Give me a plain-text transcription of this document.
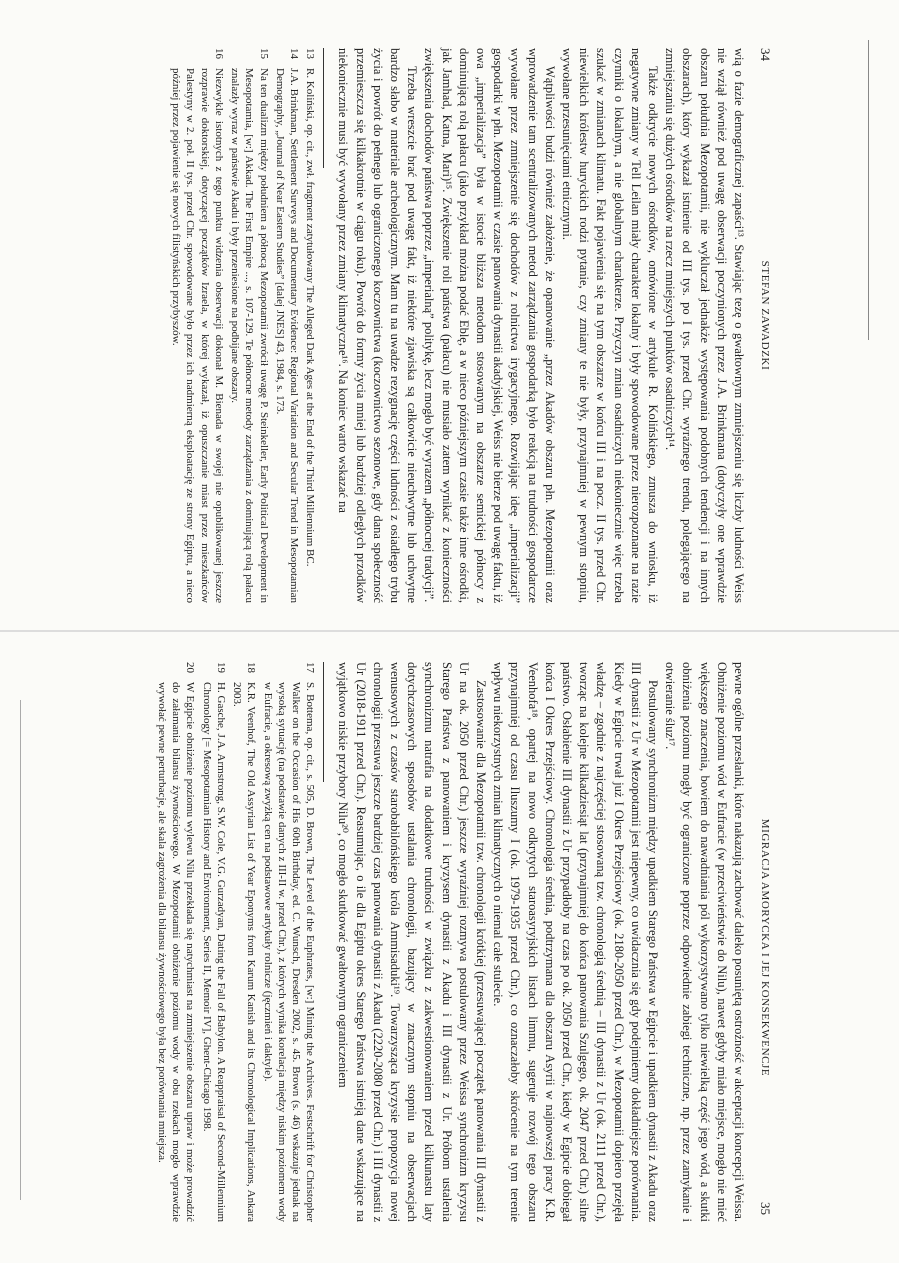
34
STEFAN ZAWADZKI

wią o fazie demograficznej zapaści¹³. Stawiając tezę o gwałtownym zmniejszeniu się liczby ludności Weiss nie wziął również pod uwagę obserwacji poczynionych przez J.A. Brinkmana (dotyczyły one wprawdzie obszaru południa Mezopotamii, nie wykluczał jednakże występowania podobnych tendencji i na innych obszarach), który wykazał istnienie od III tys. po I tys. przed Chr. wyraźnego trendu, polegającego na zmniejszaniu się dużych ośrodków na rzecz mniejszych punktów osadniczych¹⁴.

Także odkrycie nowych ośrodków, omówione w artykule R. Kolińskiego, zmusza do wniosku, iż negatywne zmiany w Tell Leilan miały charakter lokalny i były spowodowane przez nierozpoznane na razie czynniki o lokalnym, a nie globalnym charakterze. Przyczyn zmian osadniczych niekoniecznie więc trzeba szukać w zmianach klimatu. Fakt pojawienia się na tym obszarze w końcu III i na pocz. II tys. przed Chr. niewielkich królestw huryckich rodzi pytanie, czy zmiany te nie były, przynajmniej w pewnym stopniu, wywołane przesunięciami etnicznymi.

Wątpliwości budzi również założenie, że opanowanie „przez Akadów obszaru płn. Mezopotamii oraz wprowadzenie tam scentralizowanych metod zarządzania gospodarką było reakcją na trudności gospodarcze wywołane przez zmniejszenie się dochodów z rolnictwa irygacyjnego. Rozwijając ideę „imperializacji” gospodarki w płn. Mezopotamii w czasie panowania dynastii akadyjskiej, Weiss nie bierze pod uwagę faktu, iż owa „imperializacja” była w istocie bliższa metodom stosowanym na obszarze semickiej północy z dominującą rolą pałacu (jako przykład można podać Eblę, a w nieco późniejszym czasie także inne ośrodki, jak Jamhad, Katna, Mari)¹⁵. Zwiększenie roli państwa (pałacu) nie musiało zatem wynikać z konieczności zwiększenia dochodów państwa poprzez „imperialną” politykę, lecz mogło być wyrazem „północnej tradycji”.

Trzeba wreszcie brać pod uwagę fakt, iż niektóre zjawiska są całkowicie nieuchwytne lub uchwytne bardzo słabo w materiale archeologicznym. Mam tu na uwadze rezygnację części ludności z osiadłego trybu życia i powrót do pełnego lub ograniczonego koczownictwa (koczownictwo sezonowe, gdy dana społeczność przemieszcza się kilkakrotnie w ciągu roku). Powrót do formy życia mniej lub bardziej odległych przodków niekoniecznie musi być wywołany przez zmiany klimatyczne¹⁶. Na koniec warto wskazać na

13R. Koliński, op. cit., zwł. fragment zatytułowany The Alleged Dark Ages at the End of the Third Millennium BC.
14J.A. Brinkman, Settlement Surveys and Documentary Evidence: Regional Variation and Secular Trend in Mesopotamian Demography, „Journal of Near Eastern Studies” [dalej JNES] 43, 1984, s. 173.
15Na ten dualizm między południem a północą Mezopotamii zwrócił uwagę P. Steinkeller, Early Political Development in Mesopotamia, [w:] Akkad. The First Empire ..., s. 107-129. Te północne metody zarządzania z dominującą rolą pałacu znalazły wyraz w państwie Akadu i były przeniesione na podbijane obszary.
16Niezwykle istotnych z tego punktu widzenia obserwacji dokonał M. Bienada w swojej nie opublikowanej jeszcze rozprawie doktorskiej, dotyczącej początków Izraela, w której wykazał, iż opuszczanie miast przez mieszkańców Palestyny w 2. poł. II tys. przed Chr. spowodowane było przez ich nadmierną eksploatację ze strony Egiptu, a nieco później przez pojawienie się nowych filistyńskich przybyszów.
MIGRACJA AMORYCKA I JEJ KONSEKWENCJE
35

pewne ogólne przesłanki, które nakazują zachować daleko posuniętą ostrożność w akceptacji koncepcji Weissa. Obniżenie poziomu wód w Eufracie (w przeciwieństwie do Nilu), nawet gdyby miało miejsce, mogło nie mieć większego znaczenia, bowiem do nawadniania pól wykorzystywano tylko niewielką część jego wód, a skutki obniżenia poziomu mogły być ograniczone poprzez odpowiednie zabiegi techniczne, np. przez zamykanie i otwieranie śluz¹⁷.

Postulowany synchronizm między upadkiem Starego Państwa w Egipcie i upadkiem dynastii z Akadu oraz III dynastii z Ur w Mezopotamii jest niepewny, co uwidacznia się gdy podejmiemy dokładniejsze porównania. Kiedy w Egipcie trwał już I Okres Przejściowy (ok. 2180-2050 przed Chr.), w Mezopotamii dopiero przejęła władzę – zgodnie z najczęściej stosowaną tzw. chronologią średnią – III dynastii z Ur (ok. 2111 przed Chr.), tworząc na kolejne kilkadziesiąt lat (przynajmniej do końca panowania Szulgego, ok. 2047 przed Chr.) silne państwo. Osłabienie III dynastii z Ur przypadłoby na czas po ok. 2050 przed Chr., kiedy w Egipcie dobiegał końca I Okres Przejściowy. Chronologia średnia, podtrzymana dla obszaru Asyrii w najnowszej pracy K.R. Veenhofa¹⁸, opartej na nowo odkrytych staroasyryjskich listach limmu, sugeruje rozwój tego obszaru przynajmniej od czasu Iluszumy I (ok. 1979-1935 przed Chr.), co oznaczałoby skrócenie na tym terenie wpływu niekorzystnych zmian klimatycznych o niemal całe stulecie.

Zastosowanie dla Mezopotamii tzw. chronologii krótkiej (przesuwającej początek panowania III dynastii z Ur na ok. 2050 przed Chr.) jeszcze wyraźniej rozmywa postulowany przez Weissa synchronizm kryzysu Starego Państwa z panowaniem i kryzysem dynastii z Akadu i III dynastii z Ur. Próbom ustalenia synchronizmu natrafia na dodatkowe trudności w związku z zakwestionowaniem przed kilkunastu laty dotychczasowych sposobów ustalania chronologii, bazujący w znacznym stopniu na obserwacjach wenusowych z czasów starobabilońskiego króla Ammisaduki¹⁹. Towarzysząca kryzysie propozycja nowej chronologii przesuwa jeszcze bardziej czas panowania dynastii z Akadu (2220-2080 przed Chr.) i III dynastii z Ur (2018-1911 przed Chr.). Reasumując, o ile dla Egiptu okres Starego Państwa istnieją dane wskazujące na wyjątkowo niskie przybory Nilu²⁰, co mogło skutkować gwałtownym ograniczeniem

17S. Bottema, op. cit., s. 505, D. Brown, The Level of the Euphrates, [w:] Mining the Archives. Festschrift for Christopher Walker on the Occasion of His 60th Birthday, ed. C. Wunsch, Dresden 2002, s. 45. Brown (s. 46) wskazuje jednak na wysoką sytuację (na podstawie danych z III-II w. przed Chr.), z których wynika korelacja między niskim poziomem wody w Eufracie, a okresową zwyżką cen na podstawowe artykuły rolnicze (jęczmień i daktyle).
18K.R. Veenhof, The Old Assyrian List of Year Eponyms from Karum Kanish and its Chronological Implications, Ankara 2003.
19H. Gasche, J.A. Armstrong, S.W. Cole, V.G. Gurzadyan, Dating the Fall of Babylon. A Reappraisal of Second-Millennium Chronology [= Mesopotamian History and Environment, Series II, Memoir IV], Ghent-Chicago 1998.
20W Egipcie obniżenie poziomu wylewu Nilu przekłada się natychmiast na zmniejszenie obszaru upraw i może prowadzić do załamania bilansu żywnościowego. W Mezopotamii obniżenie poziomu wody w obu rzekach mogło wprawdzie wywołać pewne perturbacje, ale skala zagrożenia dla bilansu żywnościowego była bez porównania mniejsza.
